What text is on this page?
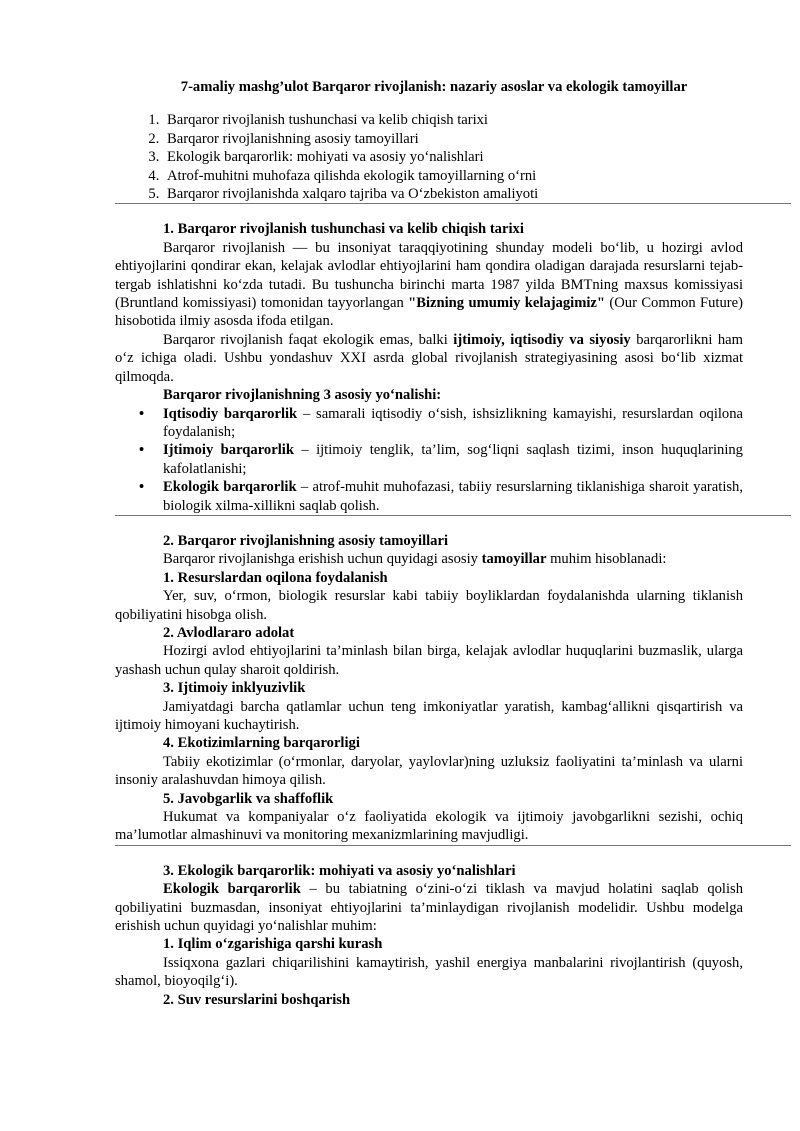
7-amaliy mashg’ulot Barqaror rivojlanish: nazariy asoslar va ekologik tamoyillar
1. Barqaror rivojlanish tushunchasi va kelib chiqish tarixi
2. Barqaror rivojlanishning asosiy tamoyillari
3. Ekologik barqarorlik: mohiyati va asosiy yo‘nalishlari
4. Atrof-muhitni muhofaza qilishda ekologik tamoyillarning o‘rni
5. Barqaror rivojlanishda xalqaro tajriba va O‘zbekiston amaliyoti
1. Barqaror rivojlanish tushunchasi va kelib chiqish tarixi

Barqaror rivojlanish — bu insoniyat taraqqiyotining shunday modeli bo‘lib, u hozirgi avlod ehtiyojlarini qondirar ekan, kelajak avlodlar ehtiyojlarini ham qondira oladigan darajada resurslarni tejab-tergab ishlatishni ko‘zda tutadi. Bu tushuncha birinchi marta 1987 yilda BMTning maxsus komissiyasi (Bruntland komissiyasi) tomonidan tayyorlangan "Bizning umumiy kelajagimiz" (Our Common Future) hisobotida ilmiy asosda ifoda etilgan.

Barqaror rivojlanish faqat ekologik emas, balki ijtimoiy, iqtisodiy va siyosiy barqarorlikni ham o‘z ichiga oladi. Ushbu yondashuv XXI asrda global rivojlanish strategiyasining asosi bo‘lib xizmat qilmoqda.

Barqaror rivojlanishning 3 asosiy yo‘nalishi:
• Iqtisodiy barqarorlik – samarali iqtisodiy o‘sish, ishsizlikning kamayishi, resurslardan oqilona foydalanish;
• Ijtimoiy barqarorlik – ijtimoiy tenglik, ta’lim, sog‘liqni saqlash tizimi, inson huquqlarining kafolatlanishi;
• Ekologik barqarorlik – atrof-muhit muhofazasi, tabiiy resurslarning tiklanishiga sharoit yaratish, biologik xilma-xillikni saqlab qolish.
2. Barqaror rivojlanishning asosiy tamoyillari

Barqaror rivojlanishga erishish uchun quyidagi asosiy tamoyillar muhim hisoblanadi:

1. Resurslardan oqilona foydalanish

Yer, suv, o‘rmon, biologik resurslar kabi tabiiy boyliklardan foydalanishda ularning tiklanish qobiliyatini hisobga olish.

2. Avlodlararo adolat

Hozirgi avlod ehtiyojlarini ta’minlash bilan birga, kelajak avlodlar huquqlarini buzmaslik, ularga yashash uchun qulay sharoit qoldirish.

3. Ijtimoiy inklyuzivlik

Jamiyatdagi barcha qatlamlar uchun teng imkoniyatlar yaratish, kambag‘allikni qisqartirish va ijtimoiy himoyani kuchaytirish.

4. Ekotizimlarning barqarorligi

Tabiiy ekotizimlar (o‘rmonlar, daryolar, yaylovlar)ning uzluksiz faoliyatini ta’minlash va ularni insoniy aralashuvdan himoya qilish.

5. Javobgarlik va shaffoflik

Hukumat va kompaniyalar o‘z faoliyatida ekologik va ijtimoiy javobgarlikni sezishi, ochiq ma’lumotlar almashinuvi va monitoring mexanizmlarining mavjudligi.

3. Ekologik barqarorlik: mohiyati va asosiy yo‘nalishlari

Ekologik barqarorlik – bu tabiatning o‘zini-o‘zi tiklash va mavjud holatini saqlab qolish qobiliyatini buzmasdan, insoniyat ehtiyojlarini ta’minlaydigan rivojlanish modelidir. Ushbu modelga erishish uchun quyidagi yo‘nalishlar muhim:

1. Iqlim o‘zgarishiga qarshi kurash

Issiqxona gazlari chiqarilishini kamaytirish, yashil energiya manbalarini rivojlantirish (quyosh, shamol, bioyoqilg‘i).

2. Suv resurslarini boshqarish
